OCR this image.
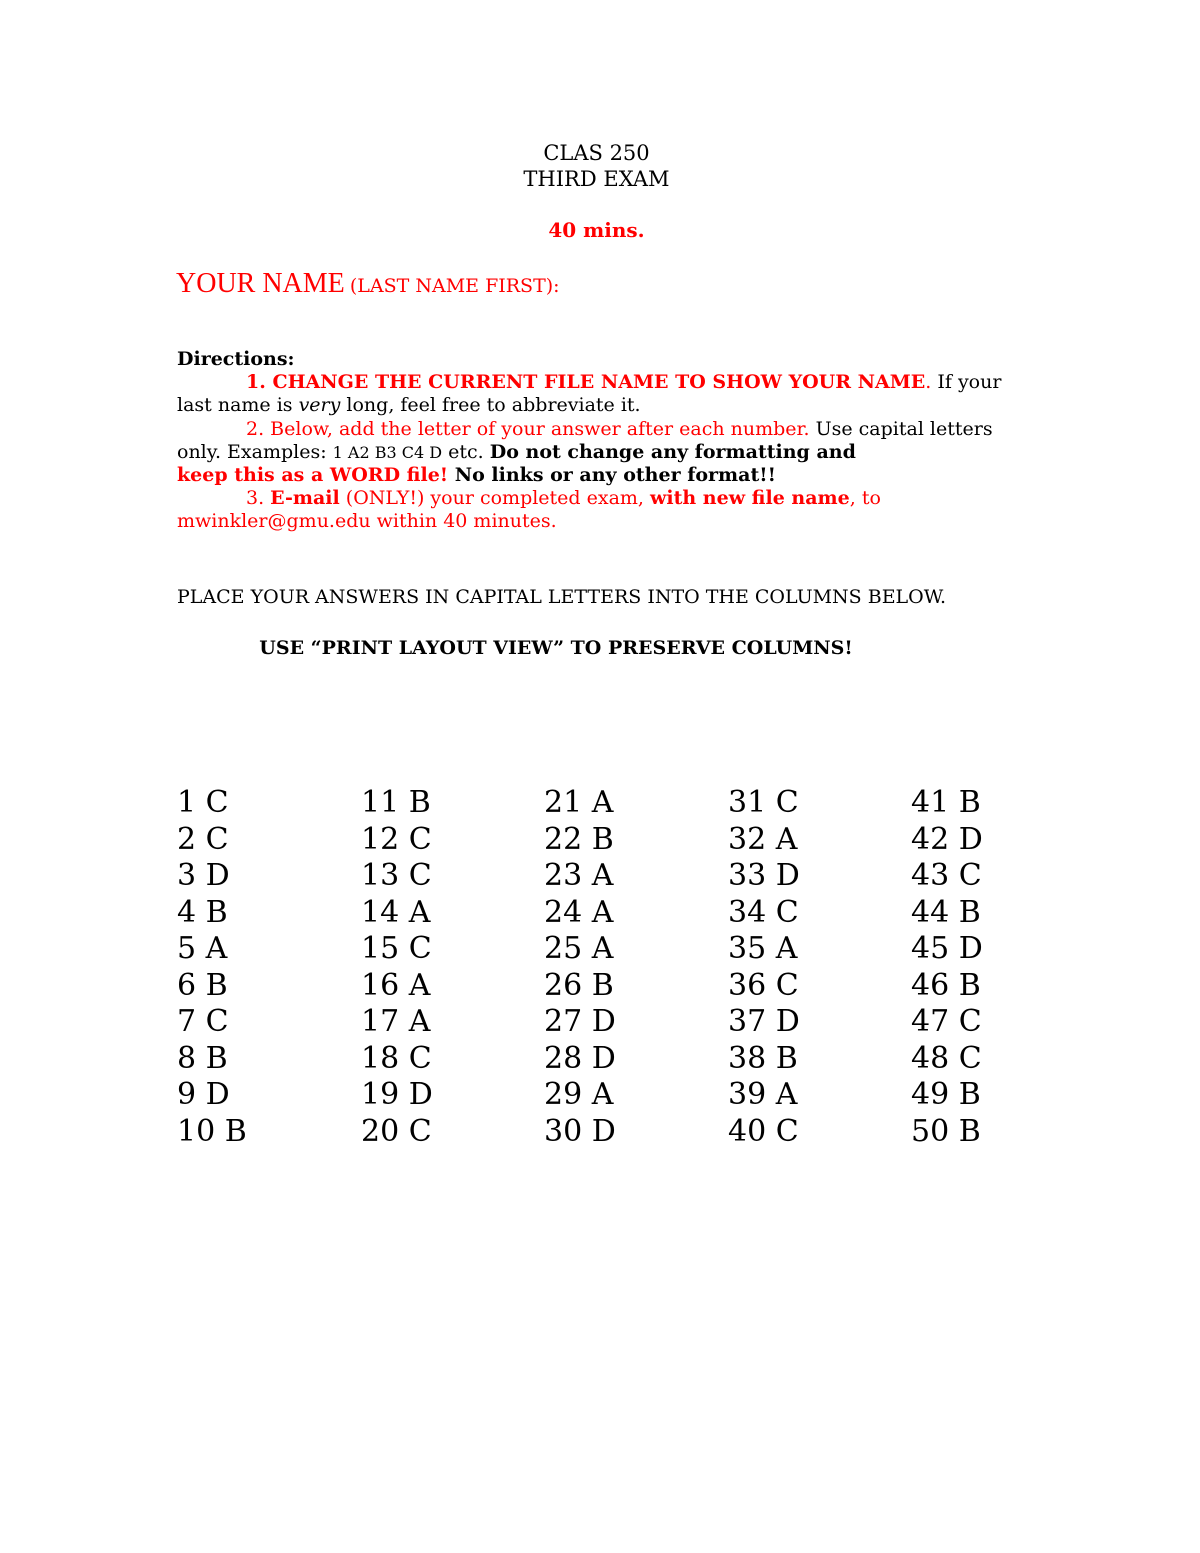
CLAS 250
THIRD EXAM
40 mins.
YOUR NAME (LAST NAME FIRST):

Directions:

1. CHANGE THE CURRENT FILE NAME TO SHOW YOUR NAME. If your last name is very long, feel free to abbreviate it.

2. Below, add the letter of your answer after each number. Use capital letters only. Examples: 1 A2 B3 C4 D etc. Do not change any formatting and
keep this as a WORD file! No links or any other format!!

3. E-mail (ONLY!) your completed exam, with new file name, to mwinkler@gmu.edu within 40 minutes.

PLACE YOUR ANSWERS IN CAPITAL LETTERS INTO THE COLUMNS BELOW.
USE “PRINT LAYOUT VIEW” TO PRESERVE COLUMNS!
1 C
2 C
3 D
4 B
5 A
6 B
7 C
8 B
9 D
10 B
11 B
12 C
13 C
14 A
15 C
16 A
17 A
18 C
19 D
20 C
21 A
22 B
23 A
24 A
25 A
26 B
27 D
28 D
29 A
30 D
31 C
32 A
33 D
34 C
35 A
36 C
37 D
38 B
39 A
40 C
41 B
42 D
43 C
44 B
45 D
46 B
47 C
48 C
49 B
50 B
